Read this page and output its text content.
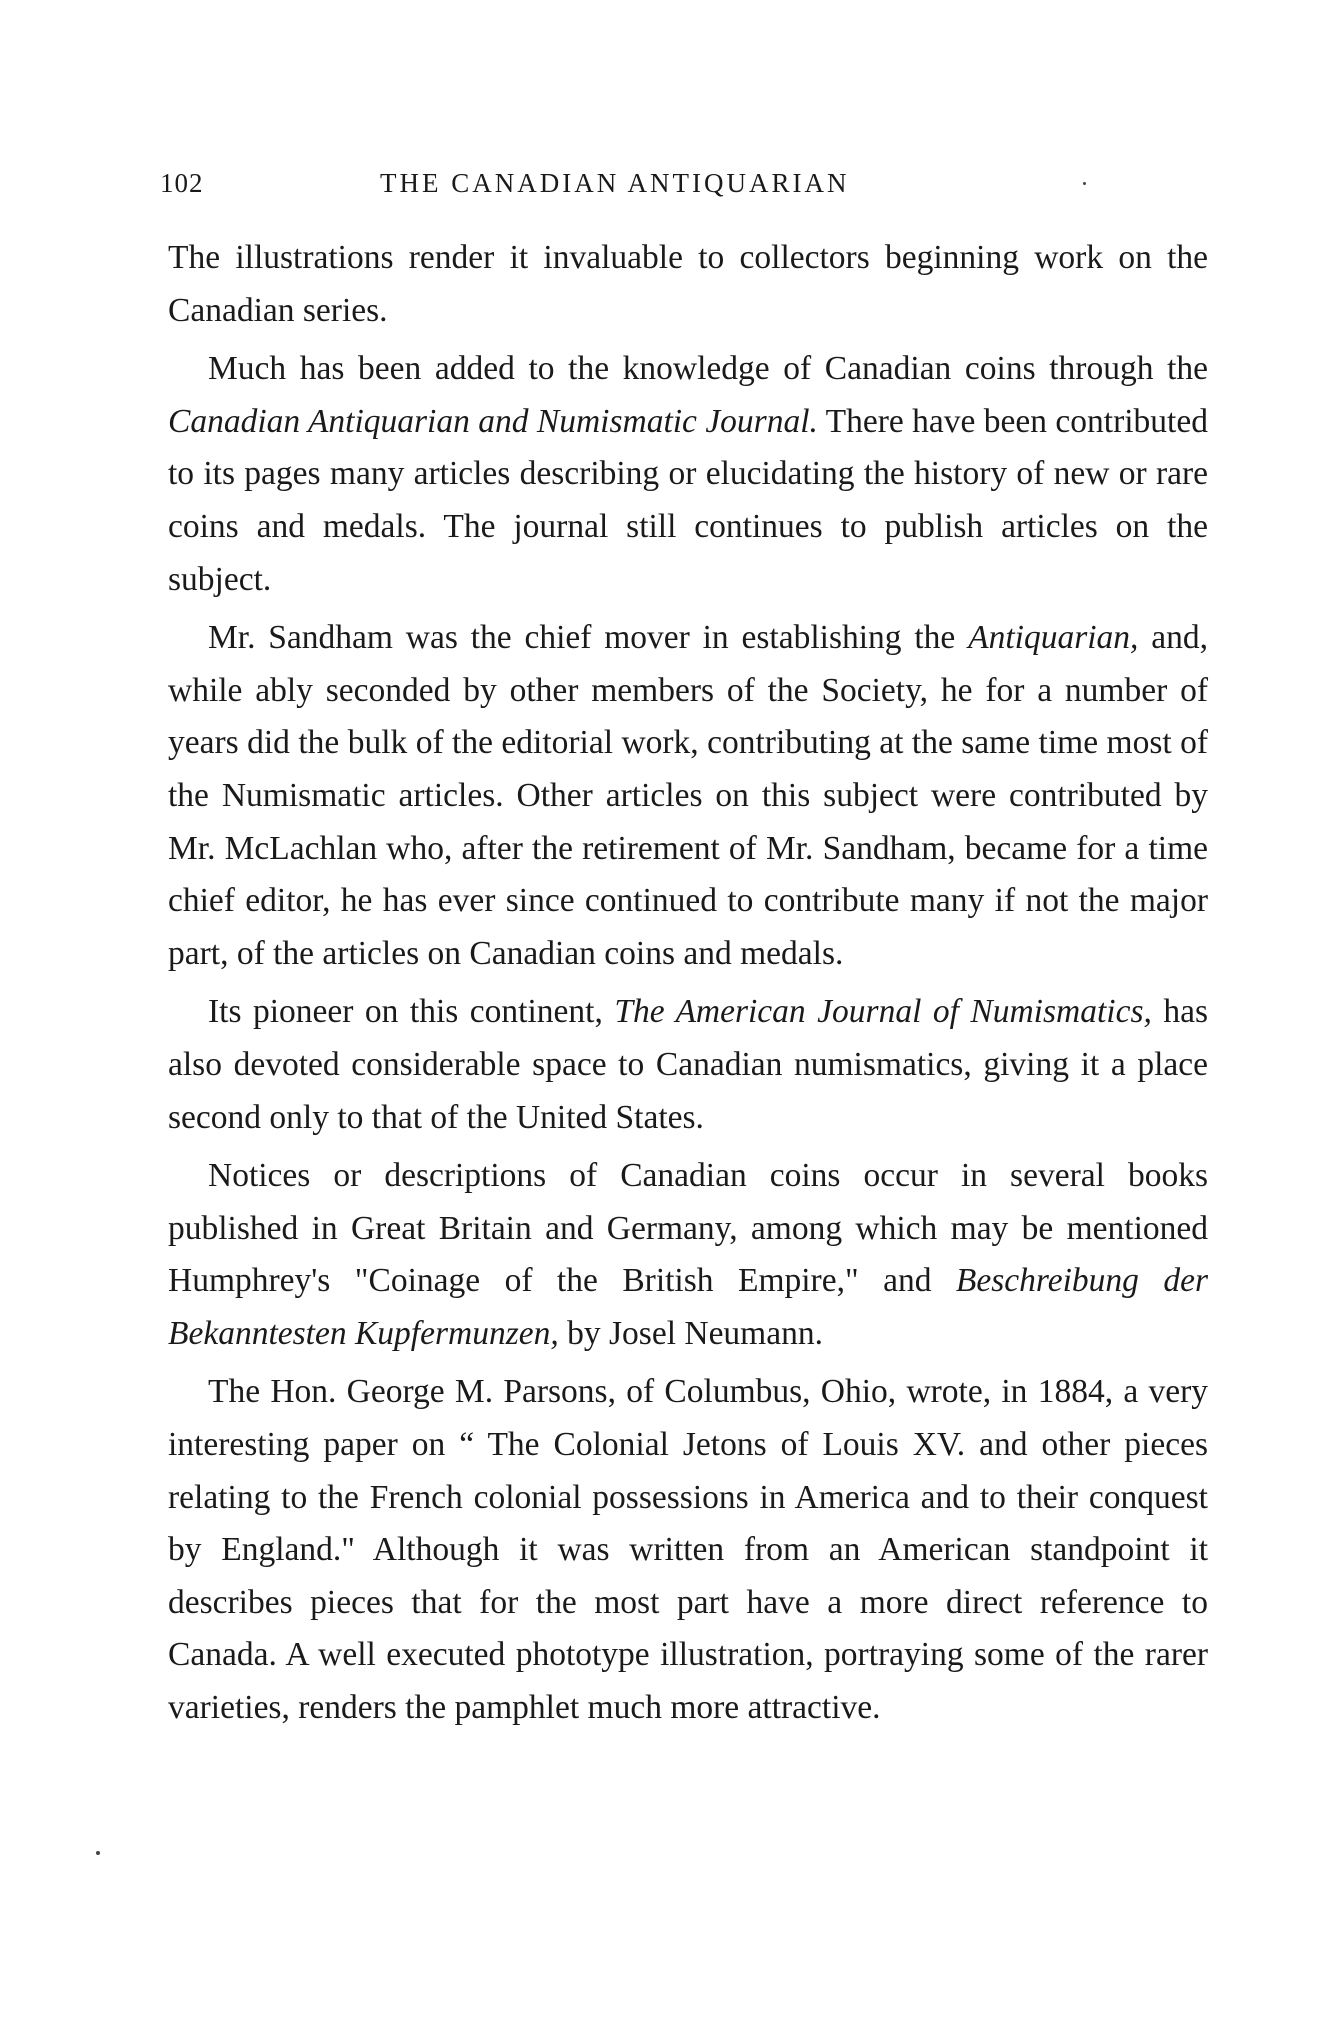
102	THE CANADIAN ANTIQUARIAN

The illustrations render it invaluable to collectors beginning work on the Canadian series.

Much has been added to the knowledge of Canadian coins through the Canadian Antiquarian and Numismatic Journal. There have been contributed to its pages many articles describing or elucidating the history of new or rare coins and medals. The journal still continues to publish articles on the subject.

Mr. Sandham was the chief mover in establishing the Antiquarian, and, while ably seconded by other members of the Society, he for a number of years did the bulk of the editorial work, contributing at the same time most of the Numismatic articles. Other articles on this subject were contributed by Mr. McLachlan who, after the retirement of Mr. Sandham, became for a time chief editor, he has ever since continued to contribute many if not the major part, of the articles on Canadian coins and medals.

Its pioneer on this continent, The American Journal of Numismatics, has also devoted considerable space to Canadian numismatics, giving it a place second only to that of the United States.

Notices or descriptions of Canadian coins occur in several books published in Great Britain and Germany, among which may be mentioned Humphrey's "Coinage of the British Empire," and Beschreibung der Bekanntesten Kupfermunzen, by Josel Neumann.

The Hon. George M. Parsons, of Columbus, Ohio, wrote, in 1884, a very interesting paper on “ The Colonial Jetons of Louis XV. and other pieces relating to the French colonial possessions in America and to their conquest by England." Although it was written from an American standpoint it describes pieces that for the most part have a more direct reference to Canada. A well executed phototype illustration, portraying some of the rarer varieties, renders the pamphlet much more attractive.
